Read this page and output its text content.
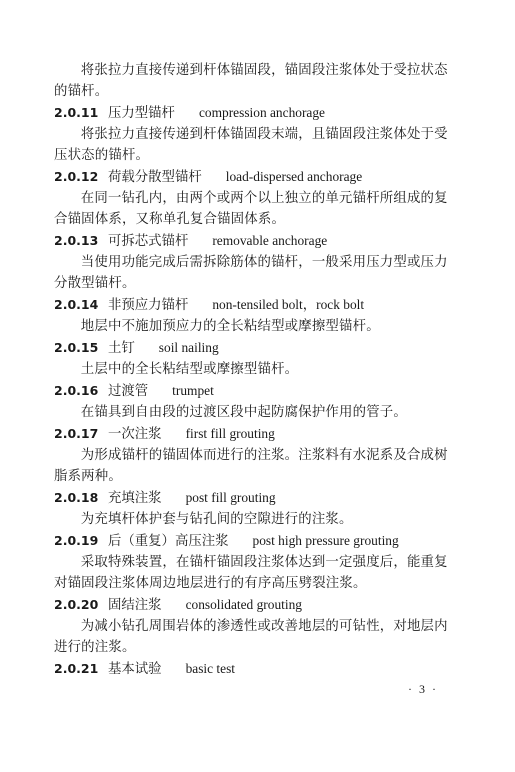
将张拉力直接传递到杆体锚固段，锚固段注浆体处于受拉状态的锚杆。

2.0.11 压力型锚杆 compression anchorage

将张拉力直接传递到杆体锚固段末端，且锚固段注浆体处于受压状态的锚杆。

2.0.12 荷载分散型锚杆 load-dispersed anchorage

在同一钻孔内，由两个或两个以上独立的单元锚杆所组成的复合锚固体系，又称单孔复合锚固体系。

2.0.13 可拆芯式锚杆 removable anchorage

当使用功能完成后需拆除筋体的锚杆，一般采用压力型或压力分散型锚杆。

2.0.14 非预应力锚杆 non-tensiled bolt，rock bolt

地层中不施加预应力的全长粘结型或摩擦型锚杆。

2.0.15 土钉 soil nailing

土层中的全长粘结型或摩擦型锚杆。

2.0.16 过渡管 trumpet

在锚具到自由段的过渡区段中起防腐保护作用的管子。

2.0.17 一次注浆 first fill grouting

为形成锚杆的锚固体而进行的注浆。注浆料有水泥系及合成树脂系两种。

2.0.18 充填注浆 post fill grouting

为充填杆体护套与钻孔间的空隙进行的注浆。

2.0.19 后（重复）高压注浆 post high pressure grouting

采取特殊装置，在锚杆锚固段注浆体达到一定强度后，能重复对锚固段注浆体周边地层进行的有序高压劈裂注浆。

2.0.20 固结注浆 consolidated grouting

为减小钻孔周围岩体的渗透性或改善地层的可钻性，对地层内进行的注浆。

2.0.21 基本试验 basic test
· 3 ·
